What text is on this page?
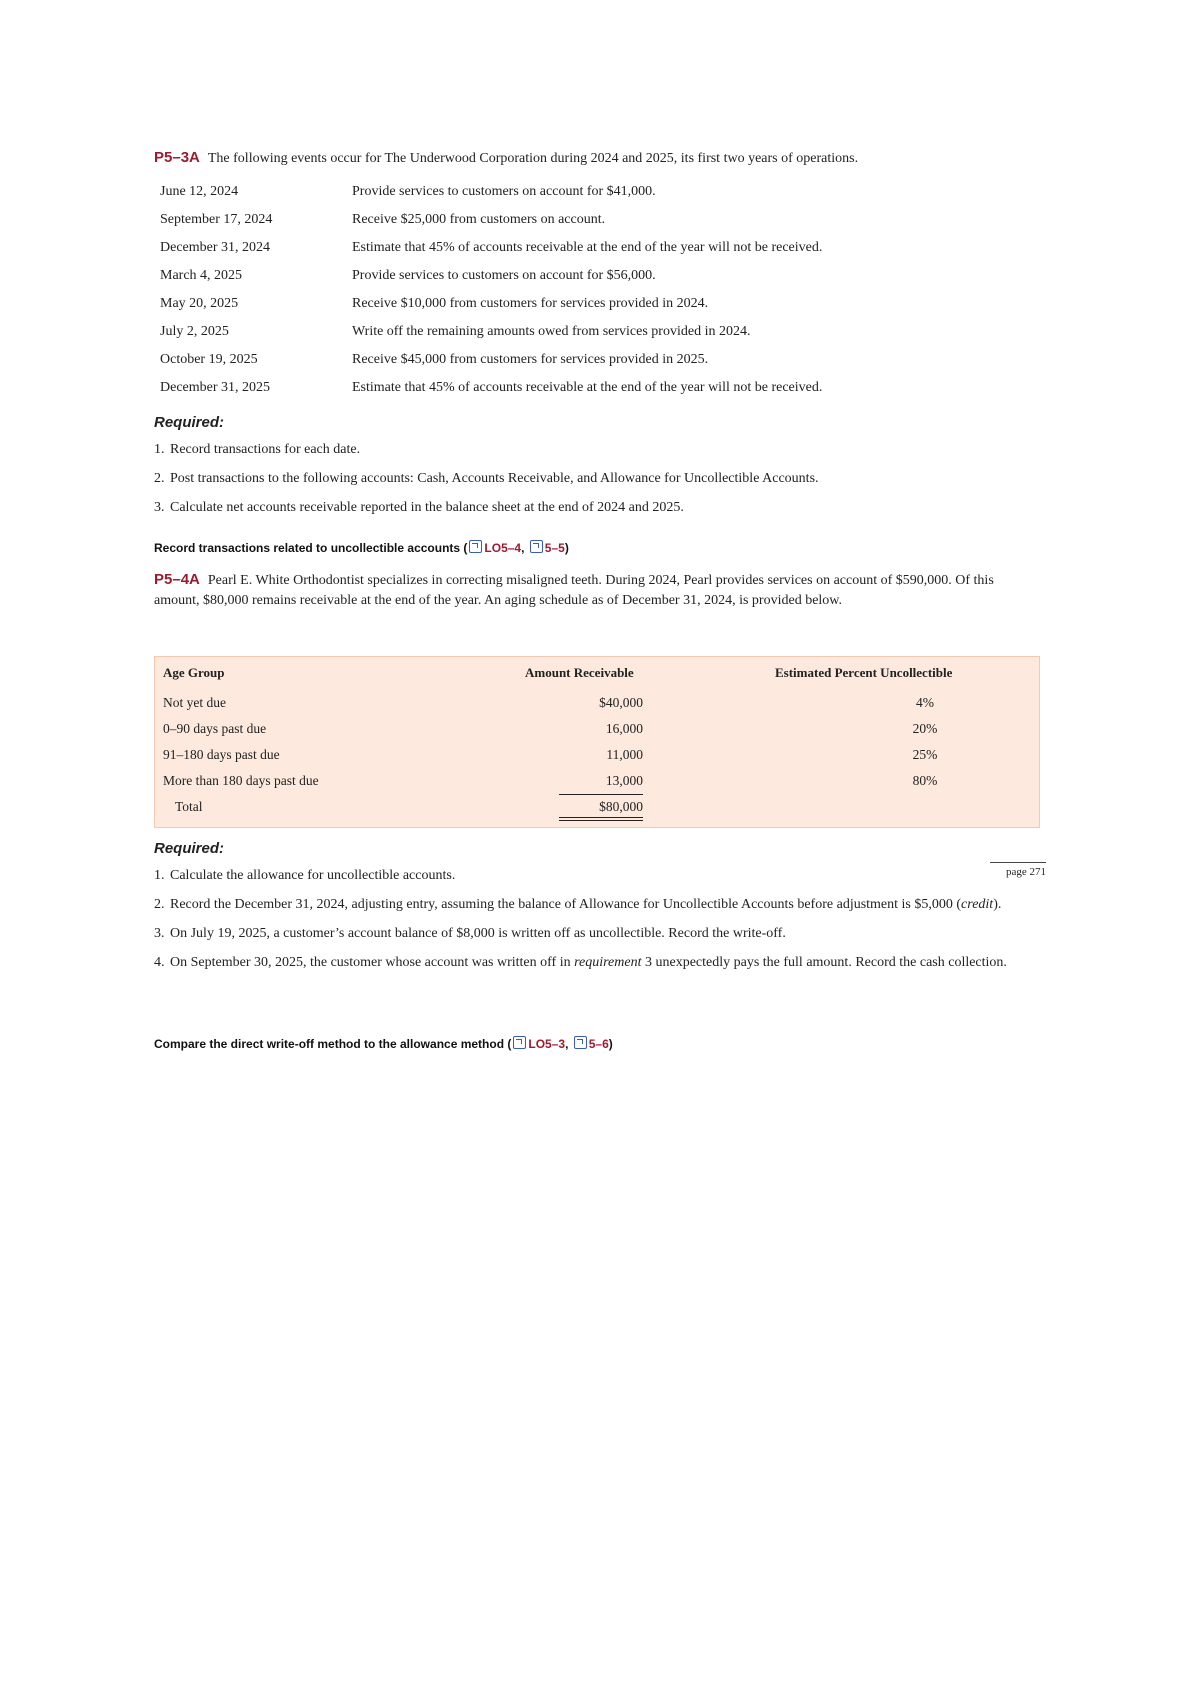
P5–3A The following events occur for The Underwood Corporation during 2024 and 2025, its first two years of operations.
June 12, 2024	Provide services to customers on account for $41,000.
September 17, 2024	Receive $25,000 from customers on account.
December 31, 2024	Estimate that 45% of accounts receivable at the end of the year will not be received.
March 4, 2025	Provide services to customers on account for $56,000.
May 20, 2025	Receive $10,000 from customers for services provided in 2024.
July 2, 2025	Write off the remaining amounts owed from services provided in 2024.
October 19, 2025	Receive $45,000 from customers for services provided in 2025.
December 31, 2025	Estimate that 45% of accounts receivable at the end of the year will not be received.
Required:
1. Record transactions for each date.
2. Post transactions to the following accounts: Cash, Accounts Receivable, and Allowance for Uncollectible Accounts.
3. Calculate net accounts receivable reported in the balance sheet at the end of 2024 and 2025.
Record transactions related to uncollectible accounts ( LO5–4, 5–5)
P5–4A Pearl E. White Orthodontist specializes in correcting misaligned teeth. During 2024, Pearl provides services on account of $590,000. Of this amount, $80,000 remains receivable at the end of the year. An aging schedule as of December 31, 2024, is provided below.
Age Group	Amount Receivable	Estimated Percent Uncollectible
Not yet due	$40,000	4%
0–90 days past due	16,000	20%
91–180 days past due	11,000	25%
More than 180 days past due	13,000	80%
Total	$80,000
Required:
page 271
1. Calculate the allowance for uncollectible accounts.
2. Record the December 31, 2024, adjusting entry, assuming the balance of Allowance for Uncollectible Accounts before adjustment is $5,000 (credit).
3. On July 19, 2025, a customer’s account balance of $8,000 is written off as uncollectible. Record the write-off.
4. On September 30, 2025, the customer whose account was written off in requirement 3 unexpectedly pays the full amount. Record the cash collection.
Compare the direct write-off method to the allowance method ( LO5–3, 5–6)
